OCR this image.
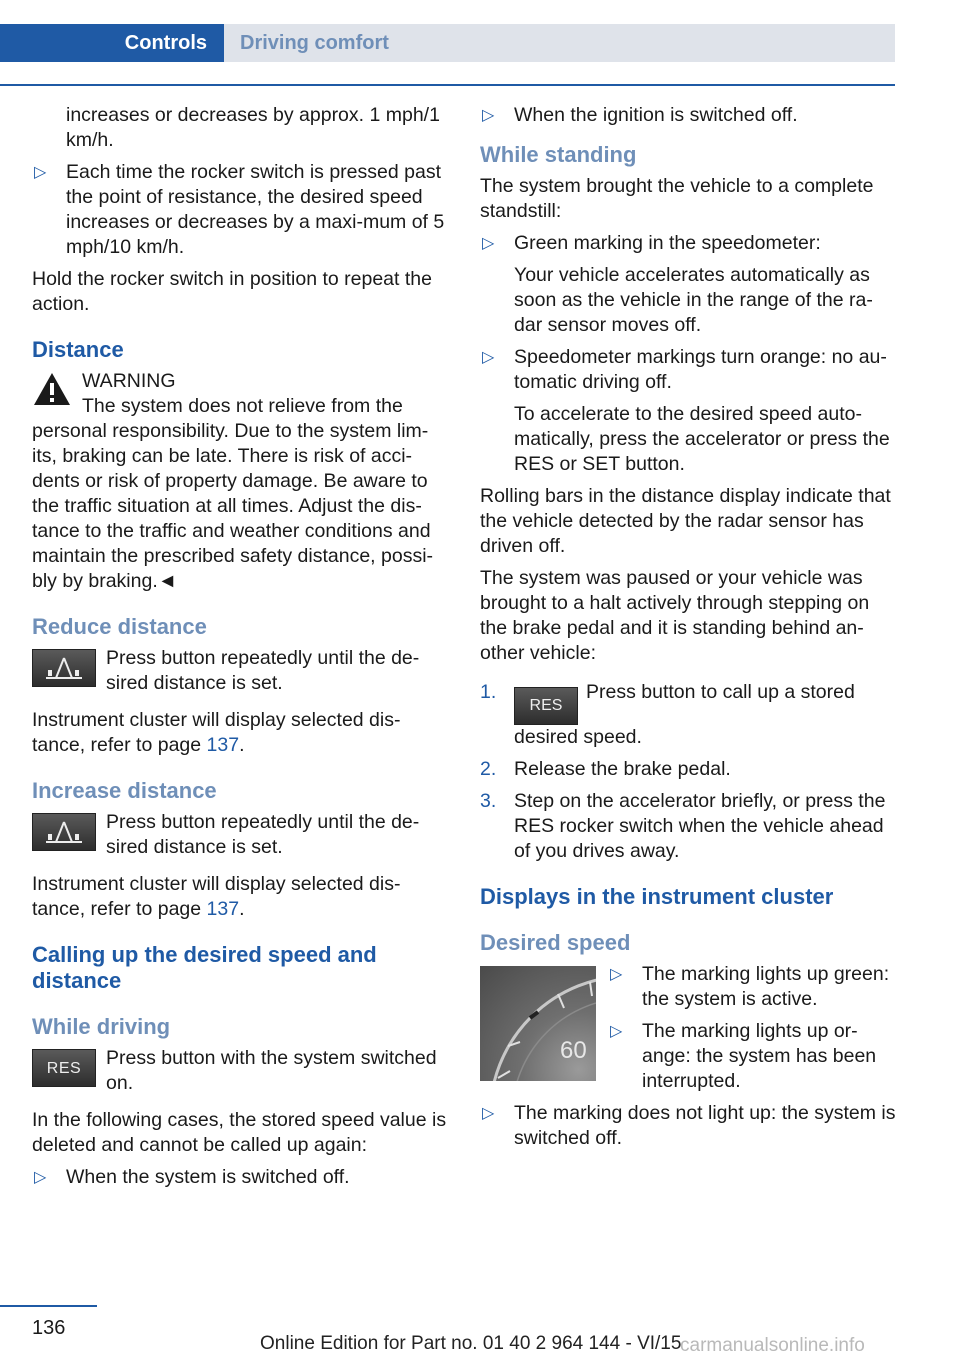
Controls	Driving comfort

increases or decreases by approx. 1 mph/1 km/h.

▷ Each time the rocker switch is pressed past the point of resistance, the desired speed increases or decreases by a maxi-mum of 5 mph/10 km/h.

Hold the rocker switch in position to repeat the action.

Distance
WARNING
The system does not relieve from the personal responsibility. Due to the system lim-its, braking can be late. There is risk of acci-dents or risk of property damage. Be aware to the traffic situation at all times. Adjust the dis-tance to the traffic and weather conditions and maintain the prescribed safety distance, possi-bly by braking.◄
Reduce distance
Press button repeatedly until the de-sired distance is set.

Instrument cluster will display selected dis-tance, refer to page 137.

Increase distance
Press button repeatedly until the de-sired distance is set.

Instrument cluster will display selected dis-tance, refer to page 137.

Calling up the desired speed and distance
While driving
RES	Press button with the system switched on.

In the following cases, the stored speed value is deleted and cannot be called up again:

▷ When the system is switched off.
▷ When the ignition is switched off.
While standing

The system brought the vehicle to a complete standstill:

▷ Green marking in the speedometer:
Your vehicle accelerates automatically as soon as the vehicle in the range of the ra-dar sensor moves off.
▷ Speedometer markings turn orange: no au-tomatic driving off.
To accelerate to the desired speed auto-matically, press the accelerator or press the RES or SET button.

Rolling bars in the distance display indicate that the vehicle detected by the radar sensor has driven off.

The system was paused or your vehicle was brought to a halt actively through stepping on the brake pedal and it is standing behind an-other vehicle:

1.
RESPress button to call up a stored desired speed.
2. Release the brake pedal.
3. Step on the accelerator briefly, or press the RES rocker switch when the vehicle ahead of you drives away.
Displays in the instrument cluster
Desired speed
60
▷ The marking lights up green: the system is active.
▷ The marking lights up or-ange: the system has been interrupted.
▷ The marking does not light up: the system is switched off.
136
Online Edition for Part no. 01 40 2 964 144 - VI/15
carmanualsonline.info
